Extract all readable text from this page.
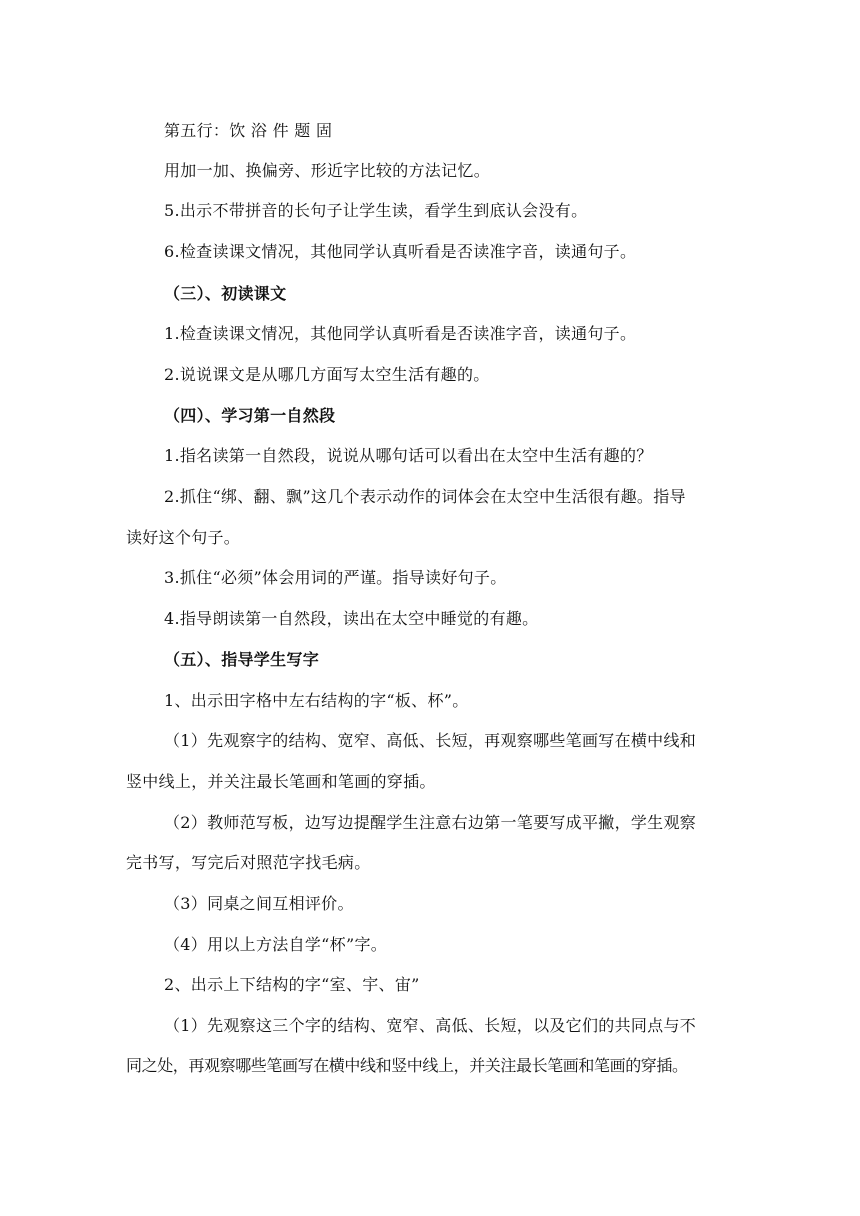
第五行：饮 浴 件 题 固
用加一加、换偏旁、形近字比较的方法记忆。
5.出示不带拼音的长句子让学生读，看学生到底认会没有。
6.检查读课文情况，其他同学认真听看是否读准字音，读通句子。
（三）、初读课文
1.检查读课文情况，其他同学认真听看是否读准字音，读通句子。
2.说说课文是从哪几方面写太空生活有趣的。
（四）、学习第一自然段
1.指名读第一自然段，说说从哪句话可以看出在太空中生活有趣的？
2.抓住“绑、翻、飘”这几个表示动作的词体会在太空中生活很有趣。指导
读好这个句子。
3.抓住“必须”体会用词的严谨。指导读好句子。
4.指导朗读第一自然段，读出在太空中睡觉的有趣。
（五）、指导学生写字
1、出示田字格中左右结构的字“板、杯”。
（1）先观察字的结构、宽窄、高低、长短，再观察哪些笔画写在横中线和
竖中线上，并关注最长笔画和笔画的穿插。
（2）教师范写板，边写边提醒学生注意右边第一笔要写成平撇，学生观察
完书写，写完后对照范字找毛病。
（3）同桌之间互相评价。
（4）用以上方法自学“杯”字。
2、出示上下结构的字“室、宇、宙”
（1）先观察这三个字的结构、宽窄、高低、长短，以及它们的共同点与不
同之处，再观察哪些笔画写在横中线和竖中线上，并关注最长笔画和笔画的穿插。
